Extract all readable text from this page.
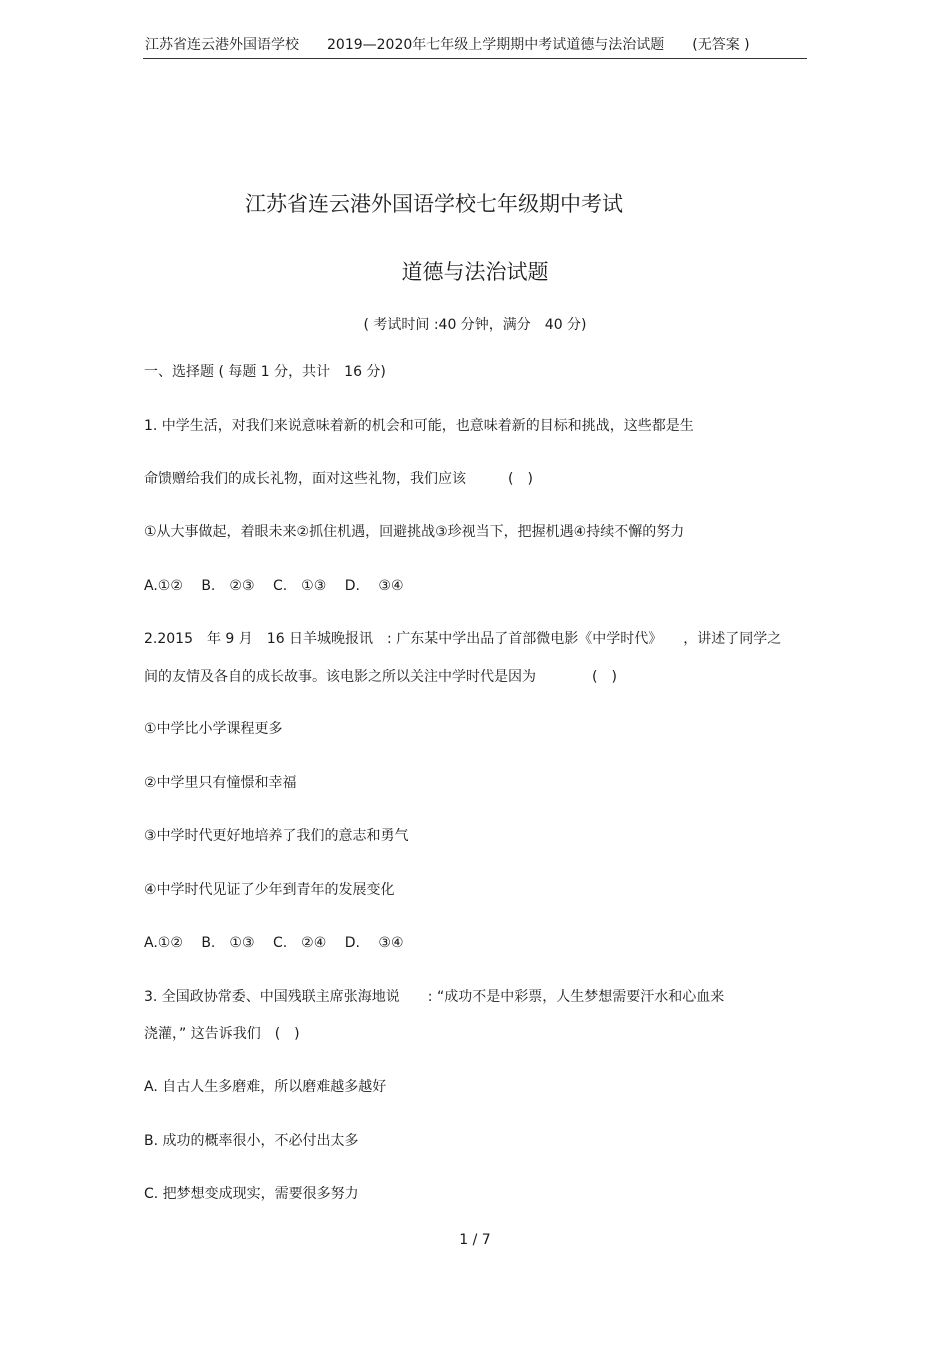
江苏省连云港外国语学校　　2019—2020年七年级上学期期中考试道德与法治试题　　(无答案 )
江苏省连云港外国语学校七年级期中考试
道德与法治试题
( 考试时间 :40 分钟，满分　40 分)
一、选择题 ( 每题 1 分，共计　16 分)
1. 中学生活，对我们来说意味着新的机会和可能，也意味着新的目标和挑战，这些都是生
命馈赠给我们的成长礼物，面对这些礼物，我们应该　　　(　)
①从大事做起，着眼未来②抓住机遇，回避挑战③珍视当下，把握机遇④持续不懈的努力
A.①②　 B.　②③　 C.　①③　 D.　 ③④
2.2015　年 9 月　16 日羊城晚报讯　: 广东某中学出品了首部微电影《中学时代》　　，讲述了同学之
间的友情及各自的成长故事。该电影之所以关注中学时代是因为　　　　(　)
①中学比小学课程更多
②中学里只有憧憬和幸福
③中学时代更好地培养了我们的意志和勇气
④中学时代见证了少年到青年的发展变化
A.①②　 B.　①③　 C.　②④　 D.　 ③④
3. 全国政协常委、中国残联主席张海地说　　: “成功不是中彩票，人生梦想需要汗水和心血来
浇灌，” 这告诉我们　(　)
A. 自古人生多磨难，所以磨难越多越好
B. 成功的概率很小，不必付出太多
C. 把梦想变成现实，需要很多努力
1 / 7
